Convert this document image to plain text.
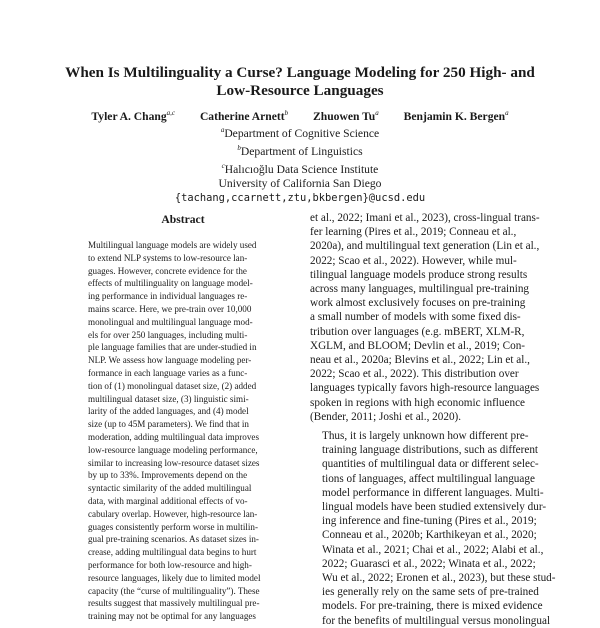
When Is Multilinguality a Curse? Language Modeling for 250 High- and
Low-Resource Languages
Tyler A. Chang$^{a,c}$ Catherine Arnett$^b$ Zhuowen Tu$^a$ Benjamin K. Bergen$^a$
$^a$Department of Cognitive Science
$^b$Department of Linguistics
$^c$Halıcıoğlu Data Science Institute
University of California San Diego
{tachang,ccarnett,ztu,bkbergen}@ucsd.edu
Abstract
Multilingual language models are widely used
to extend NLP systems to low-resource lan-
guages. However, concrete evidence for the
effects of multilinguality on language model-
ing performance in individual languages re-
mains scarce. Here, we pre-train over 10,000
monolingual and multilingual language mod-
els for over 250 languages, including multi-
ple language families that are under-studied in
NLP. We assess how language modeling per-
formance in each language varies as a func-
tion of (1) monolingual dataset size, (2) added
multilingual dataset size, (3) linguistic simi-
larity of the added languages, and (4) model
size (up to 45M parameters). We find that in
moderation, adding multilingual data improves
low-resource language modeling performance,
similar to increasing low-resource dataset sizes
by up to 33%. Improvements depend on the
syntactic similarity of the added multilingual
data, with marginal additional effects of vo-
cabulary overlap. However, high-resource lan-
guages consistently perform worse in multilin-
gual pre-training scenarios. As dataset sizes in-
crease, adding multilingual data begins to hurt
performance for both low-resource and high-
resource languages, likely due to limited model
capacity (the “curse of multilinguality”). These
results suggest that massively multilingual pre-
training may not be optimal for any languages
et al., 2022; Imani et al., 2023), cross-lingual trans-
fer learning (Pires et al., 2019; Conneau et al.,
2020a), and multilingual text generation (Lin et al.,
2022; Scao et al., 2022). However, while mul-
tilingual language models produce strong results
across many languages, multilingual pre-training
work almost exclusively focuses on pre-training
a small number of models with some fixed dis-
tribution over languages (e.g. mBERT, XLM-R,
XGLM, and BLOOM; Devlin et al., 2019; Con-
neau et al., 2020a; Blevins et al., 2022; Lin et al.,
2022; Scao et al., 2022). This distribution over
languages typically favors high-resource languages
spoken in regions with high economic influence
(Bender, 2011; Joshi et al., 2020).
Thus, it is largely unknown how different pre-
training language distributions, such as different
quantities of multilingual data or different selec-
tions of languages, affect multilingual language
model performance in different languages. Multi-
lingual models have been studied extensively dur-
ing inference and fine-tuning (Pires et al., 2019;
Conneau et al., 2020b; Karthikeyan et al., 2020;
Winata et al., 2021; Chai et al., 2022; Alabi et al.,
2022; Guarasci et al., 2022; Winata et al., 2022;
Wu et al., 2022; Eronen et al., 2023), but these stud-
ies generally rely on the same sets of pre-trained
models. For pre-training, there is mixed evidence
for the benefits of multilingual versus monolingual
